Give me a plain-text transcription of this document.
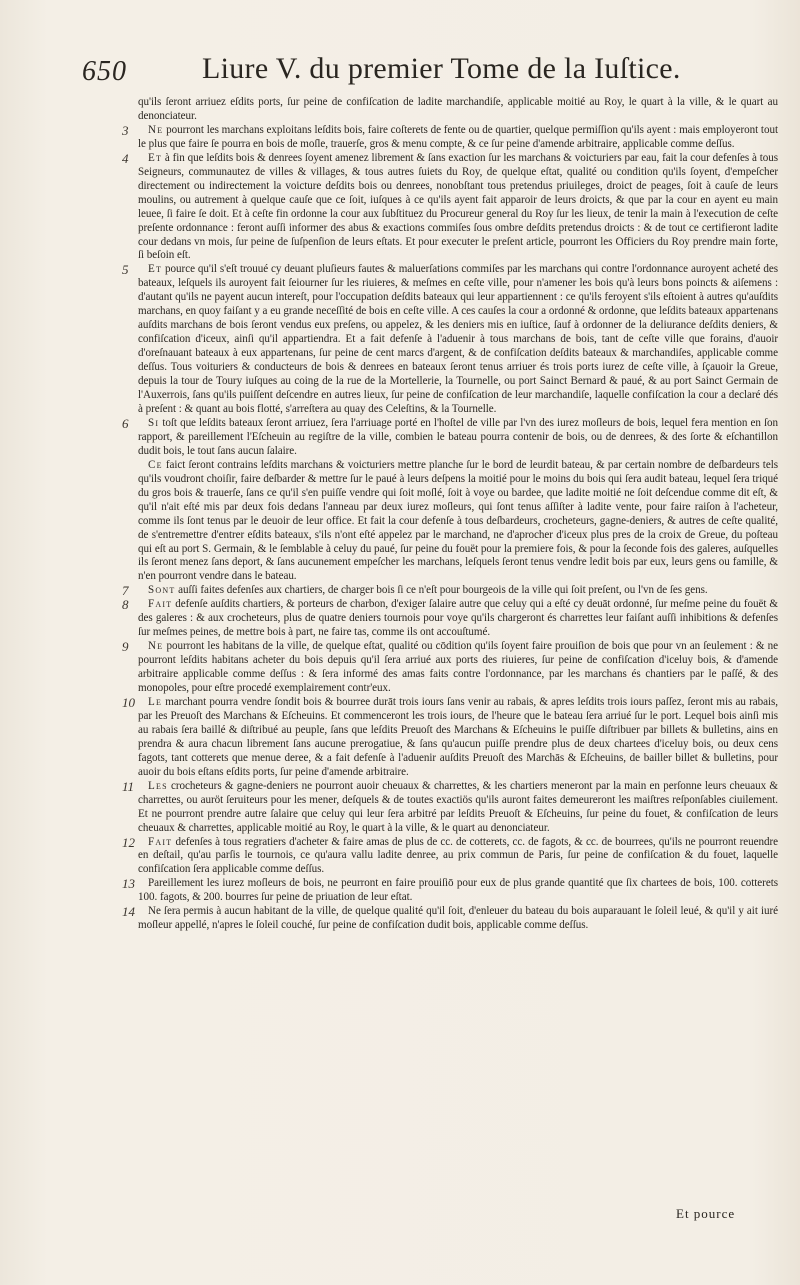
650	Liure V. du premier Tome de la Iuſtice.

qu'ils ſeront arriuez eſdits ports, ſur peine de confiſcation de ladite marchandiſe, applicable moitié au Roy, le quart à la ville, & le quart au denonciateur.

3 Ne pourront les marchans exploitans leſdits bois, faire coſterets de fente ou de quartier, quelque permiſſion qu'ils ayent : mais employeront tout le plus que faire ſe pourra en bois de moſle, trauerſe, gros & menu compte, & ce ſur peine d'amende arbitraire, applicable comme deſſus.

4 Et à fin que leſdits bois & denrees ſoyent amenez librement & ſans exaction ſur les marchans & voicturiers par eau, fait la cour defenſes à tous Seigneurs, communautez de villes & villages, & tous autres ſuiets du Roy, de quelque eſtat, qualité ou condition qu'ils ſoyent, d'empeſcher directement ou indirectement la voicture deſdits bois ou denrees, nonobſtant tous pretendus priuileges, droict de peages, ſoit à cauſe de leurs moulins, ou autrement à quelque cauſe que ce ſoit, iuſques à ce qu'ils ayent fait apparoir de leurs droicts, & que par la cour en ayent eu main leuee, ſi faire ſe doit. Et à ceſte fin ordonne la cour aux ſubſtituez du Procureur general du Roy ſur les lieux, de tenir la main à l'execution de ceſte preſente ordonnance : feront auſſi informer des abus & exactions commiſes ſous ombre deſdits pretendus droicts : & de tout ce certifieront ladite cour dedans vn mois, ſur peine de ſuſpenſion de leurs eſtats. Et pour executer le preſent article, pourront les Officiers du Roy prendre main forte, ſi beſoin eſt.

5 Et pource qu'il s'eſt trouué cy deuant pluſieurs fautes & maluerſations commiſes par les marchans qui contre l'ordonnance auroyent acheté des bateaux, leſquels ils auroyent fait ſeiourner ſur les riuieres, & meſmes en ceſte ville, pour n'amener les bois qu'à leurs bons poincts & aiſemens : d'autant qu'ils ne payent aucun intereſt, pour l'occupation deſdits bateaux qui leur appartiennent : ce qu'ils feroyent s'ils eſtoient à autres qu'auſdits marchans, en quoy faiſant y a eu grande neceſſité de bois en ceſte ville. A ces cauſes la cour a ordonné & ordonne, que leſdits bateaux appartenans auſdits marchans de bois ſeront vendus eux preſens, ou appelez, & les deniers mis en iuſtice, ſauf à ordonner de la deliurance deſdits deniers, & confiſcation d'iceux, ainſi qu'il appartiendra. Et a fait defenſe à l'aduenir à tous marchans de bois, tant de ceſte ville que forains, d'auoir d'oreſnauant bateaux à eux appartenans, ſur peine de cent marcs d'argent, & de confiſcation deſdits bateaux & marchandiſes, applicable comme deſſus. Tous voituriers & conducteurs de bois & denrees en bateaux ſeront tenus arriuer és trois ports iurez de ceſte ville, à ſçauoir la Greue, depuis la tour de Toury iuſques au coing de la rue de la Mortellerie, la Tournelle, ou port Sainct Bernard & paué, & au port Sainct Germain de l'Auxerrois, ſans qu'ils puiſſent deſcendre en autres lieux, ſur peine de confiſcation de leur marchandiſe, laquelle confiſcation la cour a declaré dés à preſent : & quant au bois flotté, s'arreſtera au quay des Celeſtins, & la Tournelle.

6 Si toſt que leſdits bateaux ſeront arriuez, ſera l'arriuage porté en l'hoſtel de ville par l'vn des iurez moſleurs de bois, lequel fera mention en ſon rapport, & pareillement l'Eſcheuin au regiſtre de la ville, combien le bateau pourra contenir de bois, ou de denrees, & des ſorte & eſchantillon dudit bois, le tout ſans aucun ſalaire.

Ce faict ſeront contrains leſdits marchans & voicturiers mettre planche ſur le bord de leurdit bateau, & par certain nombre de deſbardeurs tels qu'ils voudront choiſir, faire deſbarder & mettre ſur le paué à leurs deſpens la moitié pour le moins du bois qui ſera audit bateau, lequel ſera triqué du gros bois & trauerſe, ſans ce qu'il s'en puiſſe vendre qui ſoit moſlé, ſoit à voye ou bardee, que ladite moitié ne ſoit deſcendue comme dit eſt, & qu'il n'ait eſté mis par deux fois dedans l'anneau par deux iurez moſleurs, qui ſont tenus aſſiſter à ladite vente, pour faire raiſon à l'acheteur, comme ils ſont tenus par le deuoir de leur office. Et fait la cour defenſe à tous deſbardeurs, crocheteurs, gagne-deniers, & autres de ceſte qualité, de s'entremettre d'entrer eſdits bateaux, s'ils n'ont eſté appelez par le marchand, ne d'aprocher d'iceux plus pres de la croix de Greue, du poſteau qui eſt au port S. Germain, & le ſemblable à celuy du paué, ſur peine du fouët pour la premiere fois, & pour la ſeconde fois des galeres, auſquelles ils ſeront menez ſans deport, & ſans aucunement empeſcher les marchans, leſquels ſeront tenus vendre ledit bois par eux, leurs gens ou famille, & n'en pourront vendre dans le bateau.

7 Sont auſſi faites defenſes aux chartiers, de charger bois ſi ce n'eſt pour bourgeois de la ville qui ſoit preſent, ou l'vn de ſes gens.

8 Fait defenſe auſdits chartiers, & porteurs de charbon, d'exiger ſalaire autre que celuy qui a eſté cy deuāt ordonné, ſur meſme peine du fouët & des galeres : & aux crocheteurs, plus de quatre deniers tournois pour voye qu'ils chargeront és charrettes leur faiſant auſſi inhibitions & defenſes ſur meſmes peines, de mettre bois à part, ne faire tas, comme ils ont accouſtumé.

9 Ne pourront les habitans de la ville, de quelque eſtat, qualité ou cōdition qu'ils ſoyent faire prouiſion de bois que pour vn an ſeulement : & ne pourront leſdits habitans acheter du bois depuis qu'il ſera arriué aux ports des riuieres, ſur peine de confiſcation d'iceluy bois, & d'amende arbitraire applicable comme deſſus : & ſera informé des amas faits contre l'ordonnance, par les marchans és chantiers par le paſſé, & des monopoles, pour eſtre procedé exemplairement contr'eux.

10 Le marchant pourra vendre ſondit bois & bourree durāt trois iours ſans venir au rabais, & apres leſdits trois iours paſſez, ſeront mis au rabais, par les Preuoſt des Marchans & Eſcheuins. Et commenceront les trois iours, de l'heure que le bateau ſera arriué ſur le port. Lequel bois ainſi mis au rabais ſera baillé & diſtribué au peuple, ſans que leſdits Preuoſt des Marchans & Eſcheuins le puiſſe diſtribuer par billets & bulletins, ains en prendra & aura chacun librement ſans aucune prerogatiue, & ſans qu'aucun puiſſe prendre plus de deux chartees d'iceluy bois, ou deux cens fagots, tant cotterets que menue deree, & a fait defenſe à l'aduenir auſdits Preuoſt des Marchās & Eſcheuins, de bailler billet & bulletins, pour auoir du bois eſtans eſdits ports, ſur peine d'amende arbitraire.

11 Les crocheteurs & gagne-deniers ne pourront auoir cheuaux & charrettes, & les chartiers meneront par la main en perſonne leurs cheuaux & charrettes, ou auröt ſeruiteurs pour les mener, deſquels & de toutes exactiös qu'ils auront faites demeureront les maiſtres reſponſables ciuilement. Et ne pourront prendre autre ſalaire que celuy qui leur ſera arbitré par leſdits Preuoſt & Eſcheuins, ſur peine du fouet, & confiſcation de leurs cheuaux & charrettes, applicable moitié au Roy, le quart à la ville, & le quart au denonciateur.

12 Fait defenſes à tous regratiers d'acheter & faire amas de plus de cc. de cotterets, cc. de fagots, & cc. de bourrees, qu'ils ne pourront reuendre en deſtail, qu'au parſis le tournois, ce qu'aura vallu ladite denree, au prix commun de Paris, ſur peine de confiſcation & du fouet, laquelle confiſcation ſera applicable comme deſſus.

13 Pareillement les iurez moſleurs de bois, ne peurront en faire prouiſiō pour eux de plus grande quantité que ſix chartees de bois, 100. cotterets 100. fagots, & 200. bourres ſur peine de priuation de leur eſtat.

14 Ne ſera permis à aucun habitant de la ville, de quelque qualité qu'il ſoit, d'enleuer du bateau du bois auparauant le ſoleil leué, & qu'il y ait iuré moſleur appellé, n'apres le ſoleil couché, ſur peine de confiſcation dudit bois, applicable comme deſſus.

Et pource
